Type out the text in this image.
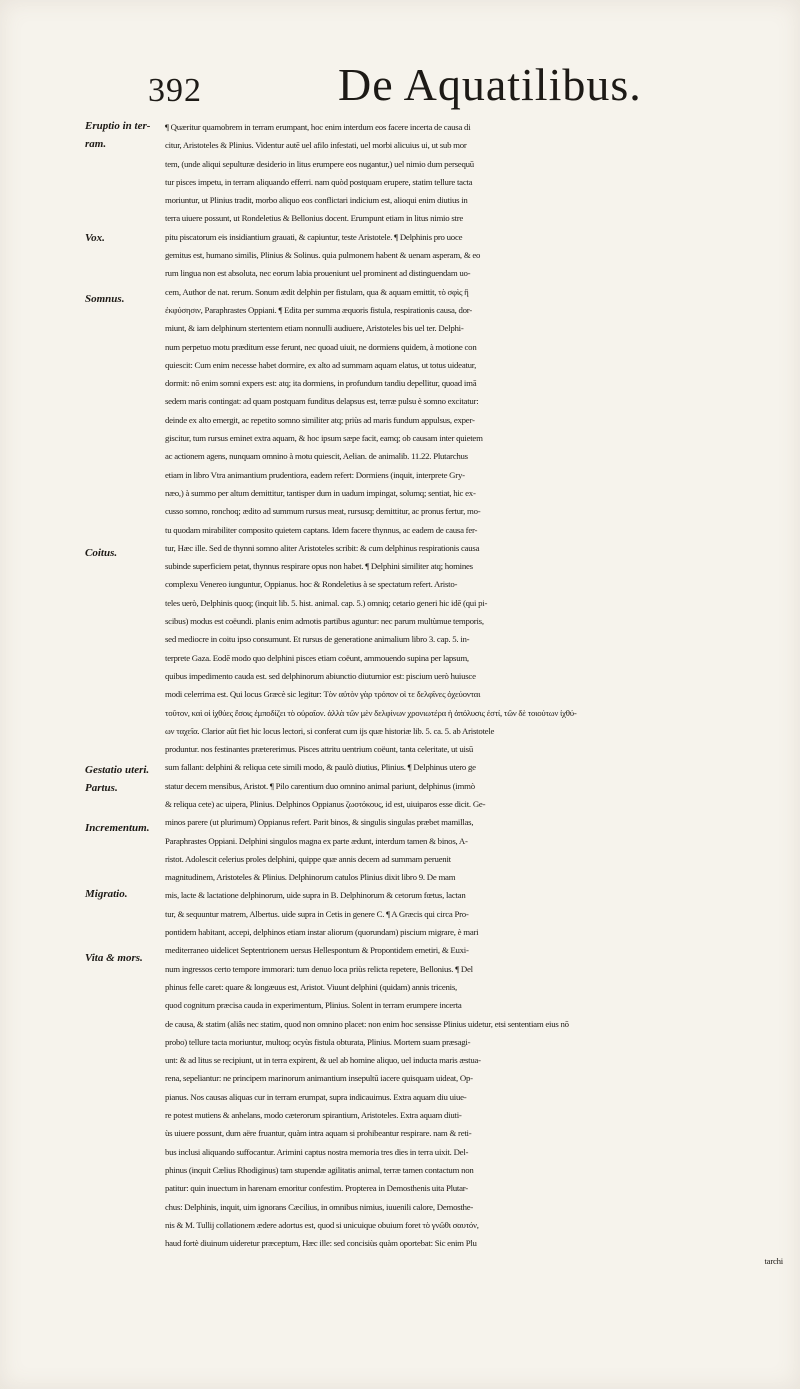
392	De Aquatilibus.
Eruptio in ter-
ram.
Vox.
Somnus.
Coitus.
Gestatio uteri.
Partus.
Incrementum.
Migratio.
Vita & mors.
¶ Quæritur quamobrem in terram erumpant, hoc enim interdum eos facere incerta de causa di
citur, Aristoteles & Plinius. Videntur autē uel afilo infestati, uel morbi alicuius ui, ut sub mor
tem, (unde aliqui sepulturæ desiderio in litus erumpere eos nugantur,) uel nimio dum persequū
tur pisces impetu, in terram aliquando efferri. nam quòd postquam erupere, statim tellure tacta
moriuntur, ut Plinius tradit, morbo aliquo eos conflictari indicium est, alioqui enim diutius in
terra uiuere possunt, ut Rondeletius & Bellonius docent. Erumpunt etiam in litus nimio stre
pitu piscatorum eis insidiantium grauati, & capiuntur, teste Aristotele. ¶ Delphinis pro uoce
gemitus est, humano similis, Plinius & Solinus. quia pulmonem habent & uenam asperam, & eo
rum lingua non est absoluta, nec eorum labia proueniunt uel prominent ad distinguendam uo-
cem, Author de nat. rerum. Sonum ædit delphin per fistulam, qua & aquam emittit, τὸ σφὶς ἢ
ἐκφύσησιν, Paraphrastes Oppiani. ¶ Edita per summa æquoris fistula, respirationis causa, dor-
miunt, & iam delphinum stertentem etiam nonnulli audiuere, Aristoteles bis uel ter. Delphi-
num perpetuo motu præditum esse ferunt, nec quoad uiuit, ne dormiens quidem, à motione con
quiescit: Cum enim necesse habet dormire, ex alto ad summam aquam elatus, ut totus uideatur,
dormit: nō enim somni expers est: atq; ita dormiens, in profundum tandiu depellitur, quoad imā
sedem maris contingat: ad quam postquam funditus delapsus est, terræ pulsu è somno excitatur:
deinde ex alto emergit, ac repetito somno similiter atq; priùs ad maris fundum appulsus, exper-
giscitur, tum rursus eminet extra aquam, & hoc ipsum sæpe facit, eamq; ob causam inter quietem
ac actionem agens, nunquam omnino à motu quiescit, Aelian. de animalib. 11.22. Plutarchus
etiam in libro Vtra animantium prudentiora, eadem refert: Dormiens (inquit, interprete Gry-
næo,) à summo per altum demittitur, tantisper dum in uadum impingat, solumq; sentiat, hic ex-
cusso somno, ronchoq; ædito ad summum rursus meat, rursusq; demittitur, ac pronus fertur, mo-
tu quodam mirabiliter composito quietem captans. Idem facere thynnus, ac eadem de causa fer-
tur, Hæc ille. Sed de thynni somno aliter Aristoteles scribit: & cum delphinus respirationis causa
subinde superficiem petat, thynnus respirare opus non habet. ¶ Delphini similiter atq; homines
complexu Venereo iunguntur, Oppianus. hoc & Rondeletius à se spectatum refert. Aristo-
teles uerò, Delphinis quoq; (inquit lib. 5. hist. animal. cap. 5.) omniq; cetario generi hic idē (qui pi-
scibus) modus est coëundi. planis enim admotis partibus aguntur: nec parum multùmue temporis,
sed mediocre in coitu ipso consumunt. Et rursus de generatione animalium libro 3. cap. 5. in-
terprete Gaza. Eodē modo quo delphini pisces etiam coëunt, ammouendo supina per lapsum,
quibus impedimento cauda est. sed delphinorum abiunctio diuturnior est: piscium uerò huiusce
modi celerrima est. Qui locus Græcè sic legitur: Τὸν αὐτὸν γὰρ τρόπον οἱ τε δελφῖνες ὀχεύονται
τοῦτον, καὶ οἱ ἰχθύες ἔσοις ἐμποδίζει τὸ οὐραῖον. ἀλλὰ τῶν μὲν δελφίνων χρονιωτέρα ἡ ἀπόλυσις ἐστί, τῶν δὲ τοιούτων ἰχθύ-
ων ταχεῖα. Clarior aūt fiet hic locus lectori, si conferat cum ijs quæ historiæ lib. 5. ca. 5. ab Aristotele
produntur. nos festinantes prætererimus. Pisces attritu uentrium coëunt, tanta celeritate, ut uisū
sum fallant: delphini & reliqua cete simili modo, & paulò diutius, Plinius. ¶ Delphinus utero ge
statur decem mensibus, Aristot. ¶ Pilo carentium duo omnino animal pariunt, delphinus (immò
& reliqua cete) ac uipera, Plinius. Delphinos Oppianus ζωοτόκους, id est, uiuiparos esse dicit. Ge-
minos parere (ut plurimum) Oppianus refert. Parit binos, & singulis singulas præbet mamillas,
Paraphrastes Oppiani. Delphini singulos magna ex parte ædunt, interdum tamen & binos, A-
ristot. Adolescit celerius proles delphini, quippe quæ annis decem ad summam peruenit
magnitudinem, Aristoteles & Plinius. Delphinorum catulos Plinius dixit libro 9. De mam
mis, lacte & lactatione delphinorum, uide supra in B. Delphinorum & cetorum fœtus, lactan
tur, & sequuntur matrem, Albertus. uide supra in Cetis in genere C. ¶ A Græcis qui circa Pro-
pontidem habitant, accepi, delphinos etiam instar aliorum (quorundam) piscium migrare, è mari
mediterraneo uidelicet Septentrionem uersus Hellespontum & Propontidem emetiri, & Euxi-
num ingressos certo tempore immorari: tum denuo loca priùs relicta repetere, Bellonius. ¶ Del
phinus felle caret: quare & longæuus est, Aristot. Viuunt delphini (quidam) annis tricenis,
quod cognitum præcisa cauda in experimentum, Plinius. Solent in terram erumpere incerta
de causa, & statim (aliâs nec statim, quod non omnino placet: non enim hoc sensisse Plinius uidetur, etsi sententiam eius nō
probo) tellure tacta moriuntur, multoq; ocyùs fistula obturata, Plinius. Mortem suam præsagi-
unt: & ad litus se recipiunt, ut in terra expirent, & uel ab homine aliquo, uel inducta maris æstua-
rena, sepeliantur: ne principem marinorum animantium insepultū iacere quisquam uideat, Op-
pianus. Nos causas aliquas cur in terram erumpat, supra indicauimus. Extra aquam diu uiue-
re potest mutiens & anhelans, modo cæterorum spirantium, Aristoteles. Extra aquam diuti-
ùs uiuere possunt, dum aëre fruantur, quàm intra aquam si prohibeantur respirare. nam & reti-
bus inclusi aliquando suffocantur. Arimini captus nostra memoria tres dies in terra uixit. Del-
phinus (inquit Cælius Rhodiginus) tam stupendæ agilitatis animal, terræ tamen contactum non
patitur: quin inuectum in harenam emoritur confestim. Propterea in Demosthenis uita Plutar-
chus: Delphinis, inquit, uim ignorans Cæcilius, in omnibus nimius, iuuenili calore, Demosthe-
nis & M. Tullij collationem ædere adortus est, quod si unicuique obuium foret τὸ γνῶθι σαυτόν,
haud fortè diuinum uideretur præceptum, Hæc ille: sed concisiùs quàm oportebat: Sic enim Plu
tarchi
